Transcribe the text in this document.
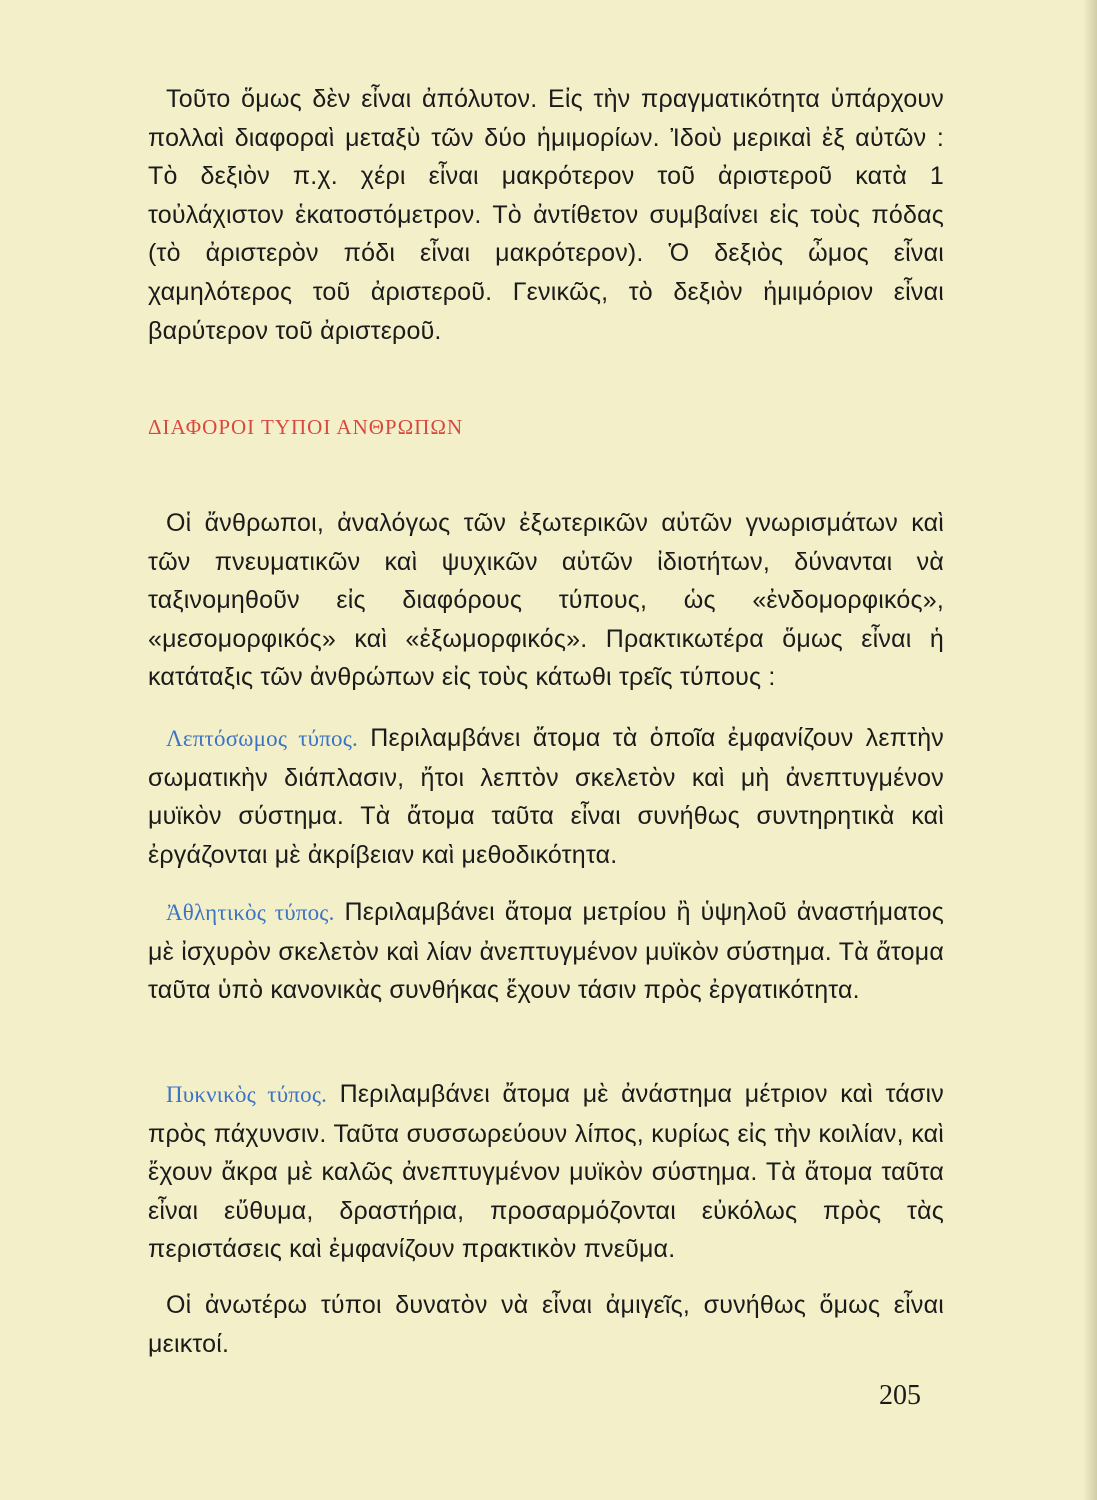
Τοῦτο ὅμως δὲν εἶναι ἀπόλυτον. Εἰς τὴν πραγματικότητα ὑπάρχουν πολλαὶ διαφοραὶ μεταξὺ τῶν δύο ἡμιμορίων. Ἰδοὺ μερικαὶ ἐξ αὐτῶν : Τὸ δεξιὸν π.χ. χέρι εἶναι μακρότερον τοῦ ἀριστεροῦ κατὰ 1 τοὐλάχιστον ἑκατοστόμετρον. Τὸ ἀντίθετον συμβαίνει εἰς τοὺς πόδας (τὸ ἀριστερὸν πόδι εἶναι μακρότερον). Ὁ δεξιὸς ὦμος εἶναι χαμηλότερος τοῦ ἀριστεροῦ. Γενικῶς, τὸ δεξιὸν ἡμιμόριον εἶναι βαρύτερον τοῦ ἀριστεροῦ.

ΔΙΑΦΟΡΟΙ ΤΥΠΟΙ ΑΝΘΡΩΠΩΝ

Οἱ ἄνθρωποι, ἀναλόγως τῶν ἐξωτερικῶν αὐτῶν γνωρισμάτων καὶ τῶν πνευματικῶν καὶ ψυχικῶν αὐτῶν ἰδιοτήτων, δύνανται νὰ ταξινομηθοῦν εἰς διαφόρους τύπους, ὡς «ἐνδομορφικός», «μεσομορφικός» καὶ «ἐξωμορφικός». Πρακτικωτέρα ὅμως εἶναι ἡ κατάταξις τῶν ἀνθρώπων εἰς τοὺς κάτωθι τρεῖς τύπους :

Λεπτόσωμος τύπος. Περιλαμβάνει ἄτομα τὰ ὁποῖα ἐμφανίζουν λεπτὴν σωματικὴν διάπλασιν, ἤτοι λεπτὸν σκελετὸν καὶ μὴ ἀνεπτυγμένον μυϊκὸν σύστημα. Τὰ ἄτομα ταῦτα εἶναι συνήθως συντηρητικὰ καὶ ἐργάζονται μὲ ἀκρίβειαν καὶ μεθοδικότητα.

Ἀθλητικὸς τύπος. Περιλαμβάνει ἄτομα μετρίου ἢ ὑψηλοῦ ἀναστήματος μὲ ἰσχυρὸν σκελετὸν καὶ λίαν ἀνεπτυγμένον μυϊκὸν σύστημα. Τὰ ἄτομα ταῦτα ὑπὸ κανονικὰς συνθήκας ἔχουν τάσιν πρὸς ἐργατικότητα.

Πυκνικὸς τύπος. Περιλαμβάνει ἄτομα μὲ ἀνάστημα μέτριον καὶ τάσιν πρὸς πάχυνσιν. Ταῦτα συσσωρεύουν λίπος, κυρίως εἰς τὴν κοιλίαν, καὶ ἔχουν ἄκρα μὲ καλῶς ἀνεπτυγμένον μυϊκὸν σύστημα. Τὰ ἄτομα ταῦτα εἶναι εὔθυμα, δραστήρια, προσαρμόζονται εὐκόλως πρὸς τὰς περιστάσεις καὶ ἐμφανίζουν πρακτικὸν πνεῦμα.

Οἱ ἀνωτέρω τύποι δυνατὸν νὰ εἶναι ἀμιγεῖς, συνήθως ὅμως εἶναι μεικτοί.

205
